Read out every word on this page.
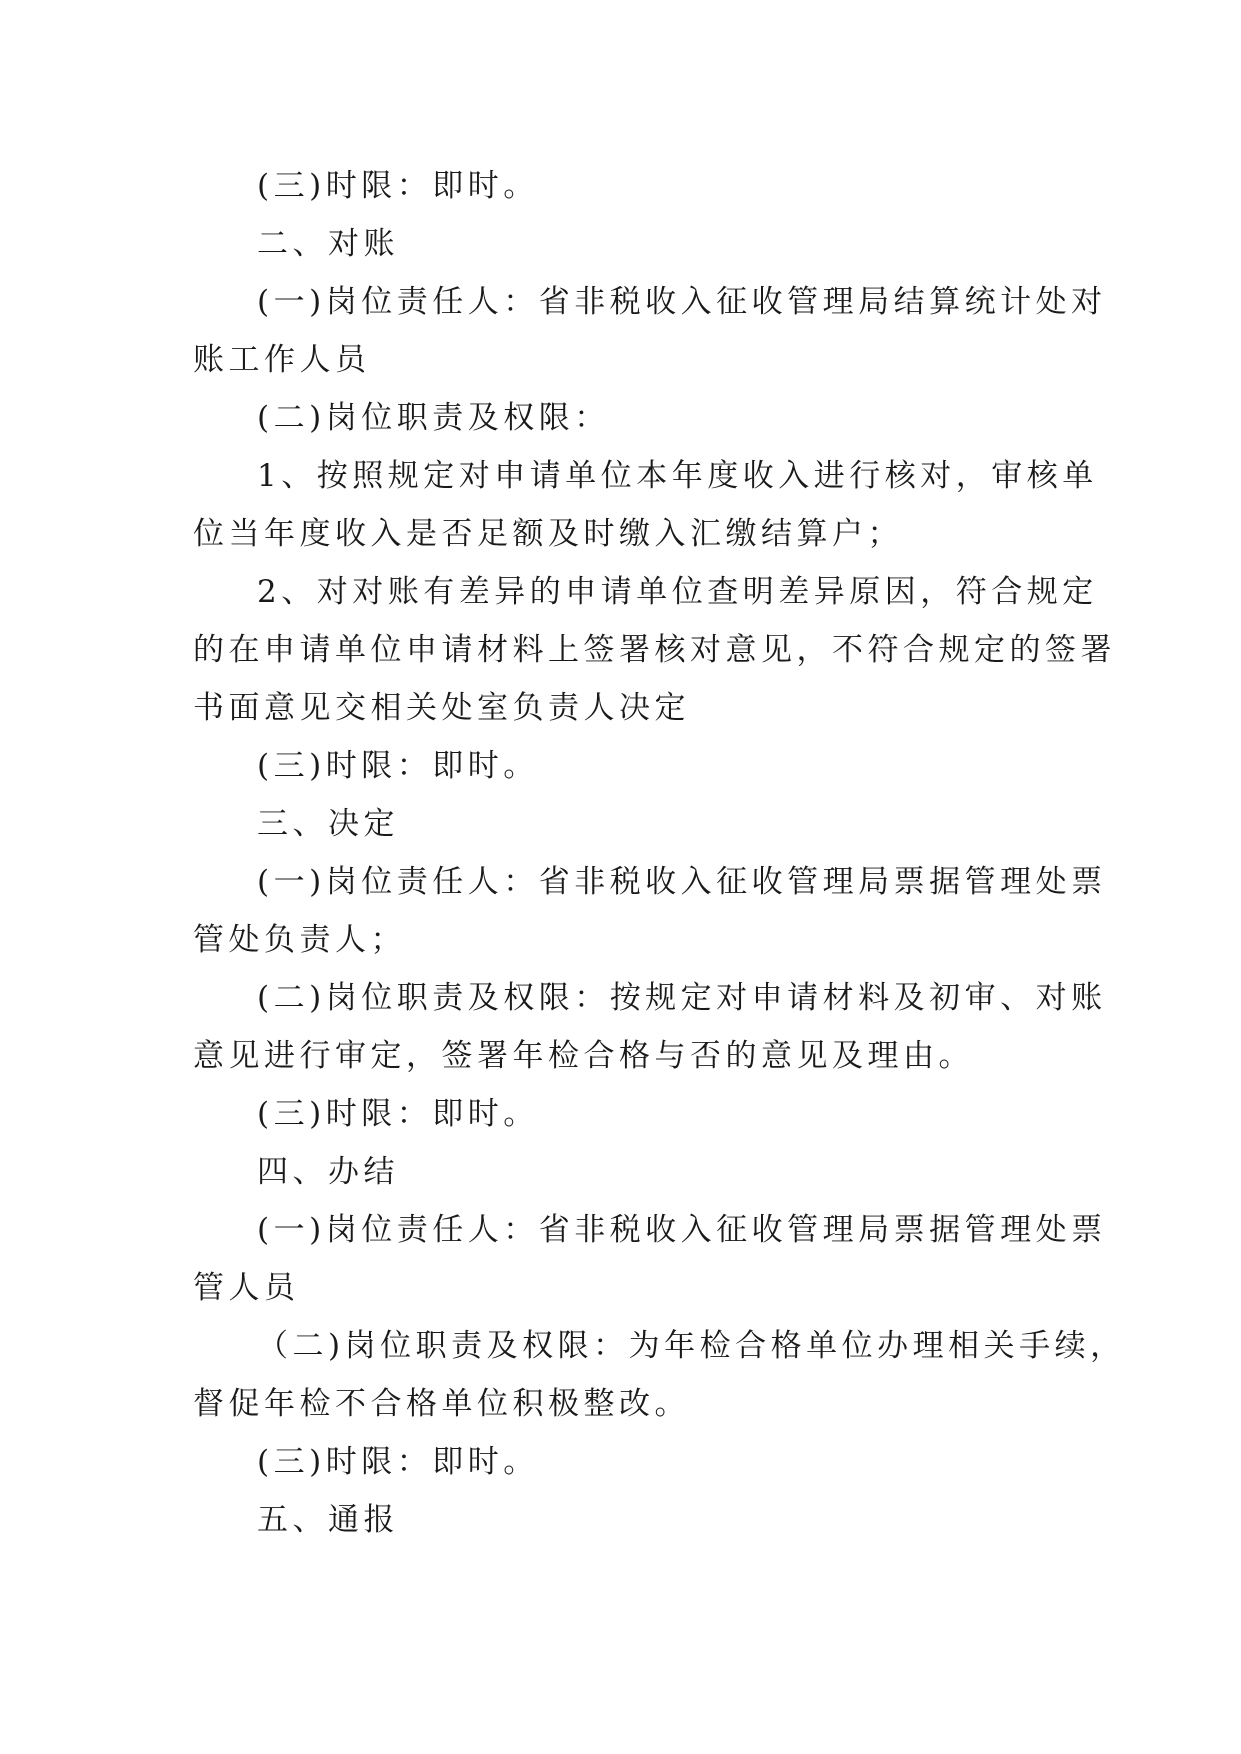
(三)时限：即时。

二、对账

(一)岗位责任人：省非税收入征收管理局结算统计处对

账工作人员

(二)岗位职责及权限：

1、按照规定对申请单位本年度收入进行核对，审核单

位当年度收入是否足额及时缴入汇缴结算户；

2、对对账有差异的申请单位查明差异原因，符合规定

的在申请单位申请材料上签署核对意见，不符合规定的签署

书面意见交相关处室负责人决定

(三)时限：即时。

三、决定

(一)岗位责任人：省非税收入征收管理局票据管理处票

管处负责人；

(二)岗位职责及权限：按规定对申请材料及初审、对账

意见进行审定，签署年检合格与否的意见及理由。

(三)时限：即时。

四、办结

(一)岗位责任人：省非税收入征收管理局票据管理处票

管人员

（二)岗位职责及权限：为年检合格单位办理相关手续，

督促年检不合格单位积极整改。

(三)时限：即时。

五、通报
